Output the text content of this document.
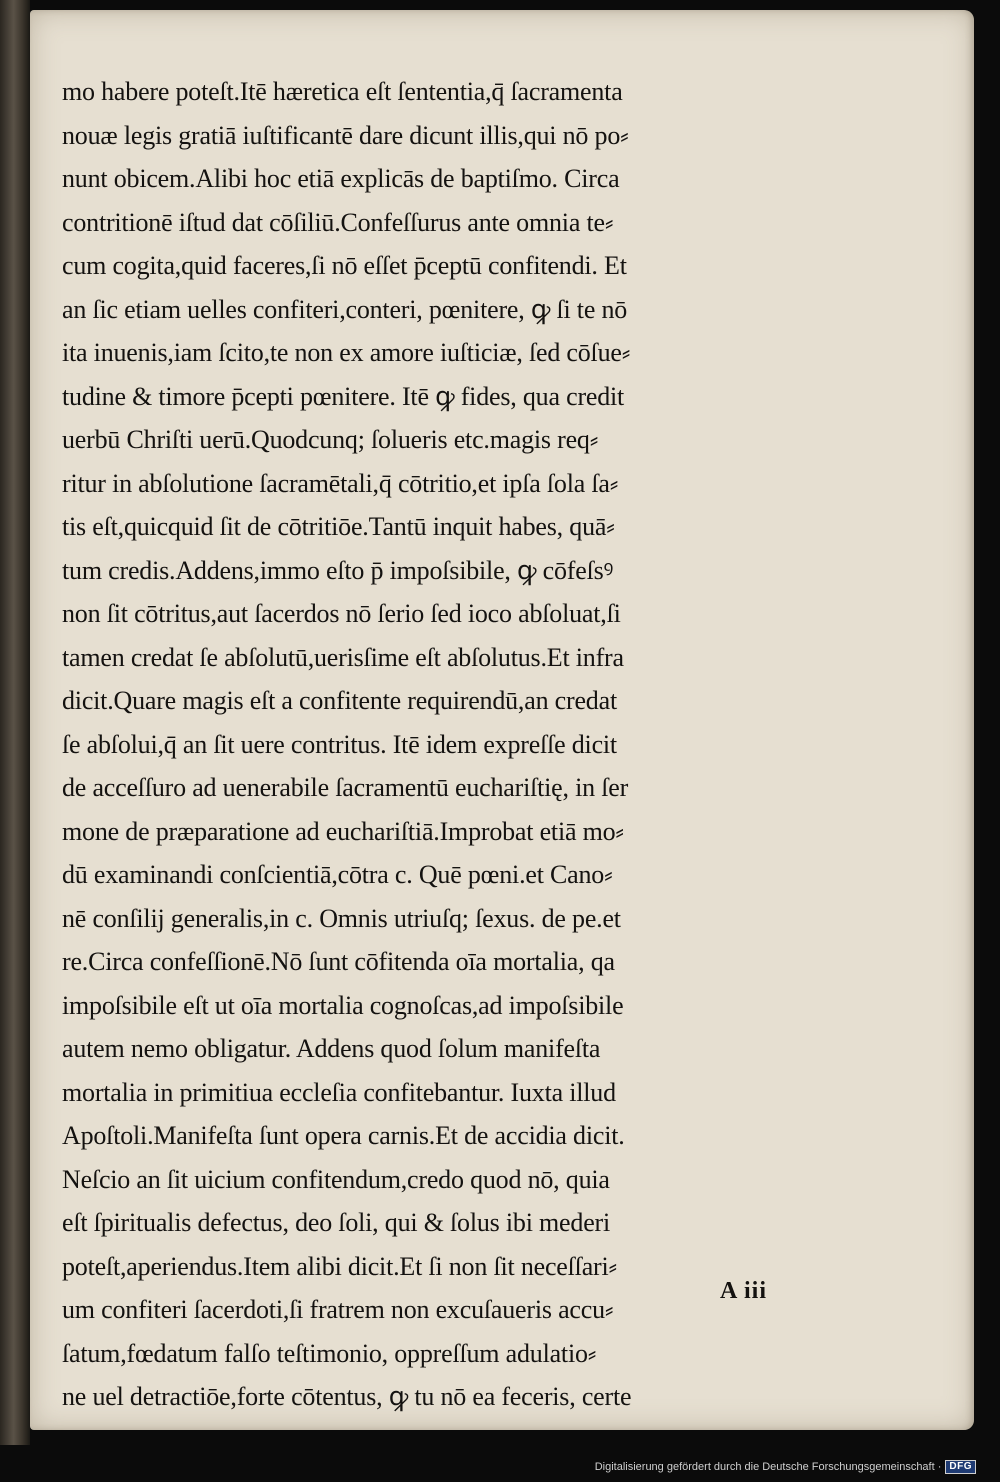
mo habere poteſt.Itē hæretica eſt ſententia,q̄ ſacramenta
nouæ legis gratiā iuſtificantē dare dicunt illis,qui nō po⸗
nunt obicem.Alibi hoc etiā explicās de baptiſmo. Circa
contritionē iſtud dat cōſiliū.Confeſſurus ante omnia te⸗
cum cogita,quid faceres,ſi nō eſſet p̄ceptū confitendi. Et
an ſic etiam uelles confiteri,conteri, pœnitere, ꝙ ſi te nō
ita inuenis,iam ſcito,te non ex amore iuſticiæ, ſed cōſue⸗
tudine & timore p̄cepti pœnitere. Itē ꝙ fides, qua credit
uerbū Chriſti uerū.Quodcunq; ſolueris etc.magis req⸗
ritur in abſolutione ſacramētali,q̄ cōtritio,et ipſa ſola ſa⸗
tis eſt,quicquid ſit de cōtritiōe.Tantū inquit habes, quā⸗
tum credis.Addens,immo eſto p̄ impoſsibile, ꝙ cōfeſsꝰ
non ſit cōtritus,aut ſacerdos nō ſerio ſed ioco abſoluat,ſi
tamen credat ſe abſolutū,uerisſime eſt abſolutus.Et infra
dicit.Quare magis eſt a confitente requirendū,an credat
ſe abſolui,q̄ an ſit uere contritus. Itē idem expreſſe dicit
de acceſſuro ad uenerabile ſacramentū euchariſtię, in ſer
mone de præparatione ad euchariſtiā.Improbat etiā mo⸗
dū examinandi conſcientiā,cōtra c. Quē pœni.et Cano⸗
nē conſilij generalis,in c. Omnis utriuſq; ſexus. de pe.et
re.Circa confeſſionē.Nō ſunt cōfitenda oīa mortalia, qa
impoſsibile eſt ut oīa mortalia cognoſcas,ad impoſsibile
autem nemo obligatur. Addens quod ſolum manifeſta
mortalia in primitiua eccleſia confitebantur. Iuxta illud
Apoſtoli.Manifeſta ſunt opera carnis.Et de accidia dicit.
Neſcio an ſit uicium confitendum,credo quod nō, quia
eſt ſpiritualis defectus, deo ſoli, qui & ſolus ibi mederi
poteſt,aperiendus.Item alibi dicit.Et ſi non ſit neceſſari⸗
um confiteri ſacerdoti,ſi fratrem non excuſaueris accu⸗
ſatum,fœdatum falſo teſtimonio, oppreſſum adulatio⸗
ne uel detractiōe,forte cōtentus, ꝙ tu nō ea feceris, certe
A iii
Digitalisierung gefördert durch die Deutsche Forschungsgemeinschaft · DFG
